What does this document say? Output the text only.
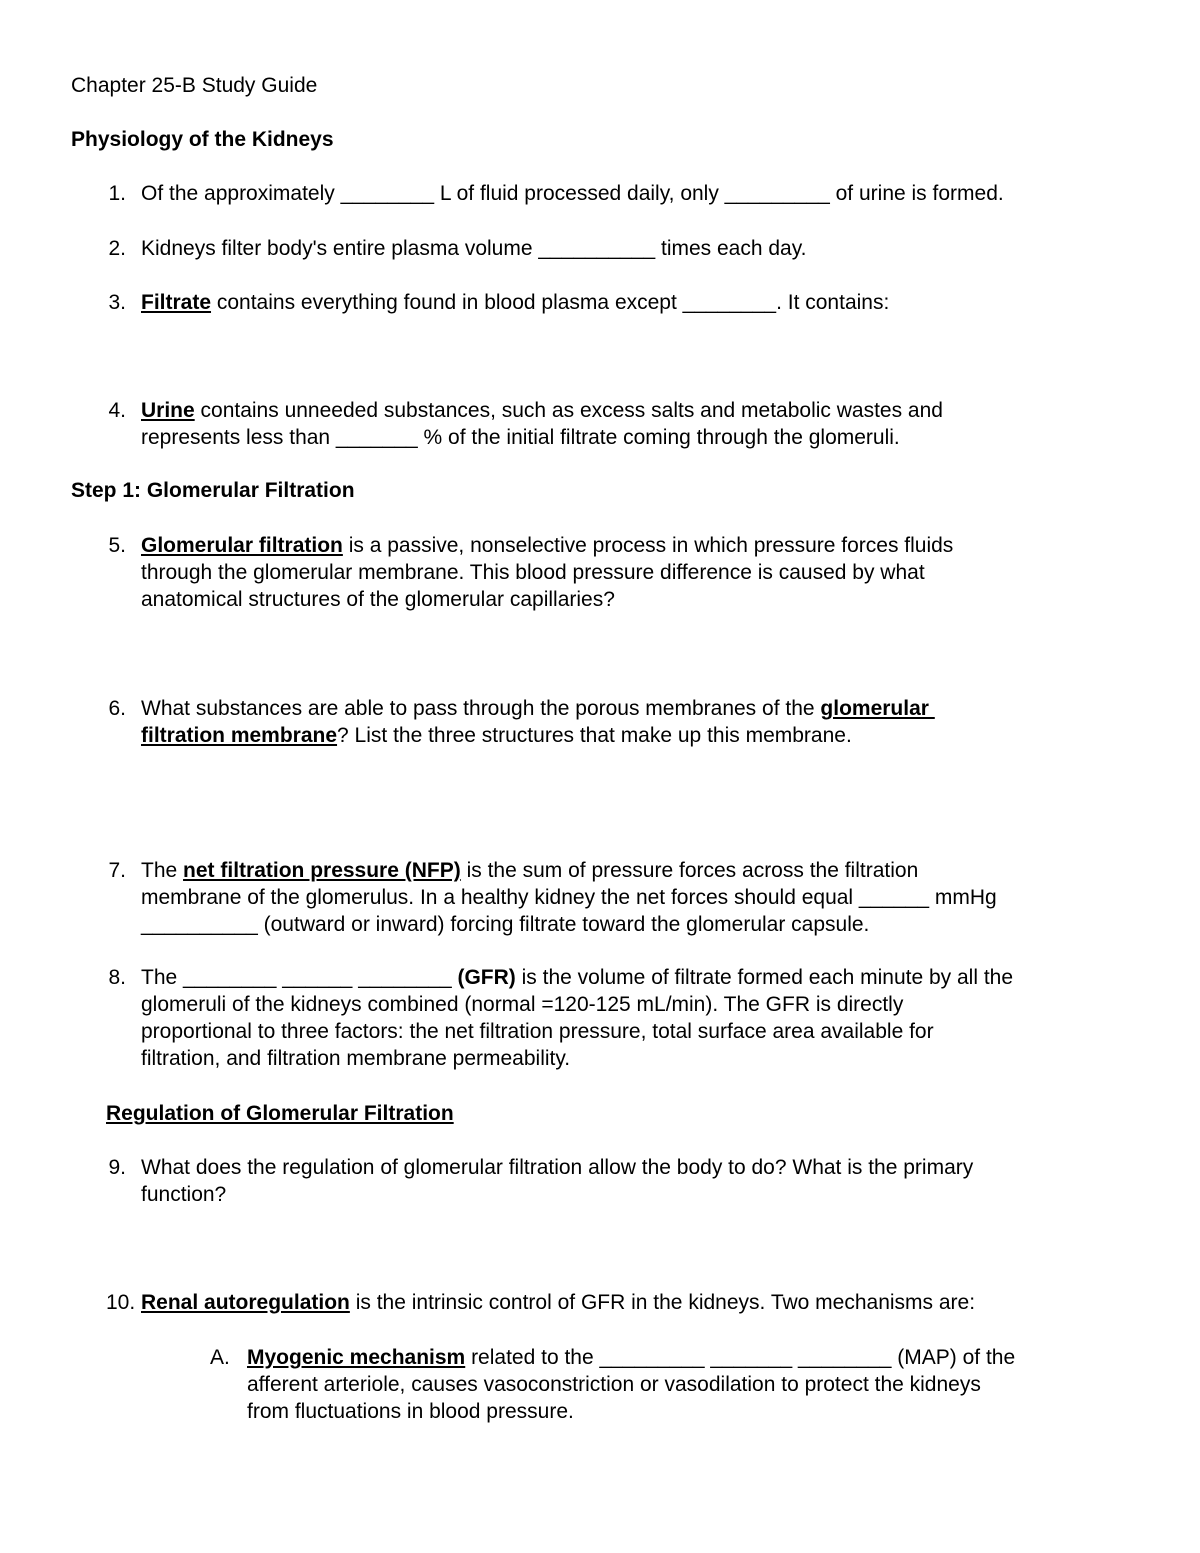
Chapter 25-B Study Guide
Physiology of the Kidneys
1. Of the approximately ________ L of fluid processed daily, only _________ of urine is formed.
2. Kidneys filter body's entire plasma volume __________ times each day.
3. Filtrate contains everything found in blood plasma except ________. It contains:
4. Urine contains unneeded substances, such as excess salts and metabolic wastes and
represents less than _______ % of the initial filtrate coming through the glomeruli.
Step 1: Glomerular Filtration
5. Glomerular filtration is a passive, nonselective process in which pressure forces fluids
through the glomerular membrane. This blood pressure difference is caused by what
anatomical structures of the glomerular capillaries?
6. What substances are able to pass through the porous membranes of the glomerular
filtration membrane? List the three structures that make up this membrane.
7. The net filtration pressure (NFP) is the sum of pressure forces across the filtration
membrane of the glomerulus. In a healthy kidney the net forces should equal ______ mmHg
__________ (outward or inward) forcing filtrate toward the glomerular capsule.
8. The ________ ______ ________ (GFR) is the volume of filtrate formed each minute by all the
glomeruli of the kidneys combined (normal =120-125 mL/min). The GFR is directly
proportional to three factors: the net filtration pressure, total surface area available for
filtration, and filtration membrane permeability.
Regulation of Glomerular Filtration
9. What does the regulation of glomerular filtration allow the body to do? What is the primary
function?
10. Renal autoregulation is the intrinsic control of GFR in the kidneys. Two mechanisms are:
A. Myogenic mechanism related to the _________ _______ ________ (MAP) of the
afferent arteriole, causes vasoconstriction or vasodilation to protect the kidneys
from fluctuations in blood pressure.
